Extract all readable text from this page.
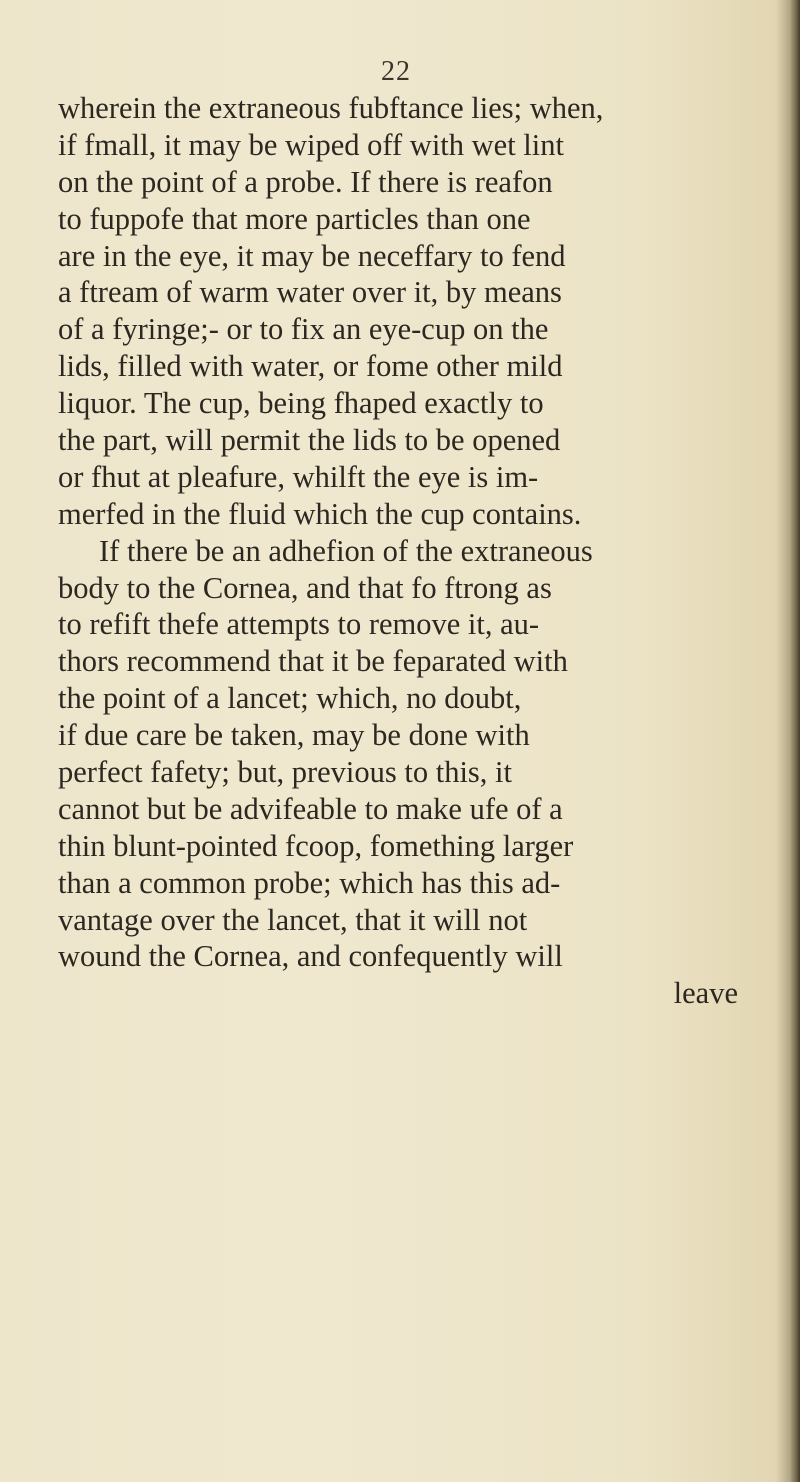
22
wherein the extraneous fubftance lies; when,
if fmall, it may be wiped off with wet lint
on the point of a probe. If there is reafon
to fuppofe that more particles than one
are in the eye, it may be neceffary to fend
a ftream of warm water over it, by means
of a fyringe;- or to fix an eye-cup on the
lids, filled with water, or fome other mild
liquor. The cup, being fhaped exactly to
the part, will permit the lids to be opened
or fhut at pleafure, whilft the eye is im-
merfed in the fluid which the cup contains.
If there be an adhefion of the extraneous
body to the Cornea, and that fo ftrong as
to refift thefe attempts to remove it, au-
thors recommend that it be feparated with
the point of a lancet; which, no doubt,
if due care be taken, may be done with
perfect fafety; but, previous to this, it
cannot but be advifeable to make ufe of a
thin blunt-pointed fcoop, fomething larger
than a common probe; which has this ad-
vantage over the lancet, that it will not
wound the Cornea, and confequently will
leave
